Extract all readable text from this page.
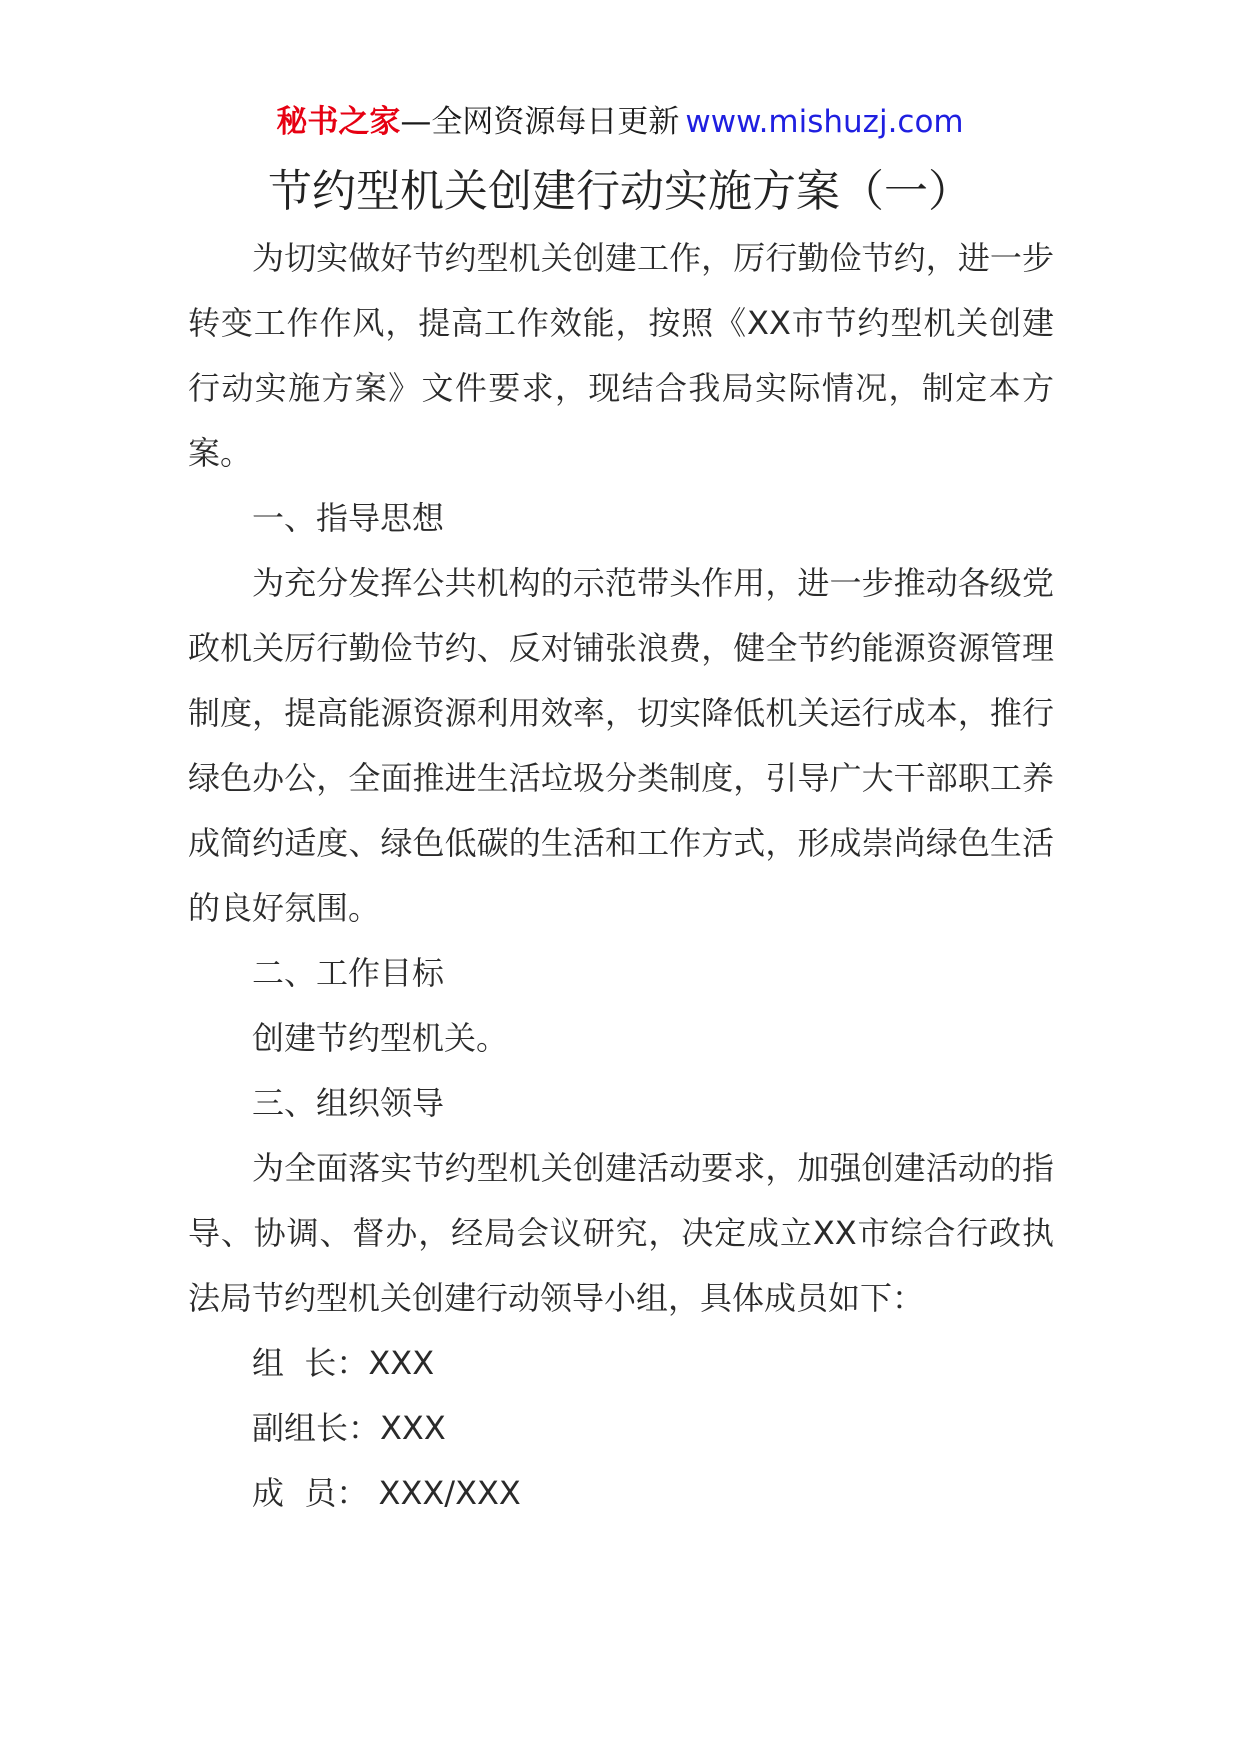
秘书之家—全网资源每日更新 www.mishuzj.com
节约型机关创建行动实施方案（一）

为切实做好节约型机关创建工作，厉行勤俭节约，进一步转变工作作风，提高工作效能，按照《XX市节约型机关创建行动实施方案》文件要求，现结合我局实际情况，制定本方案。

一、指导思想

为充分发挥公共机构的示范带头作用，进一步推动各级党政机关厉行勤俭节约、反对铺张浪费，健全节约能源资源管理制度，提高能源资源利用效率，切实降低机关运行成本，推行绿色办公，全面推进生活垃圾分类制度，引导广大干部职工养成简约适度、绿色低碳的生活和工作方式，形成崇尚绿色生活的良好氛围。

二、工作目标

创建节约型机关。

三、组织领导

为全面落实节约型机关创建活动要求，加强创建活动的指导、协调、督办，经局会议研究，决定成立XX市综合行政执法局节约型机关创建行动领导小组，具体成员如下：

组  长：XXX

副组长：XXX

成  员： XXX/XXX
